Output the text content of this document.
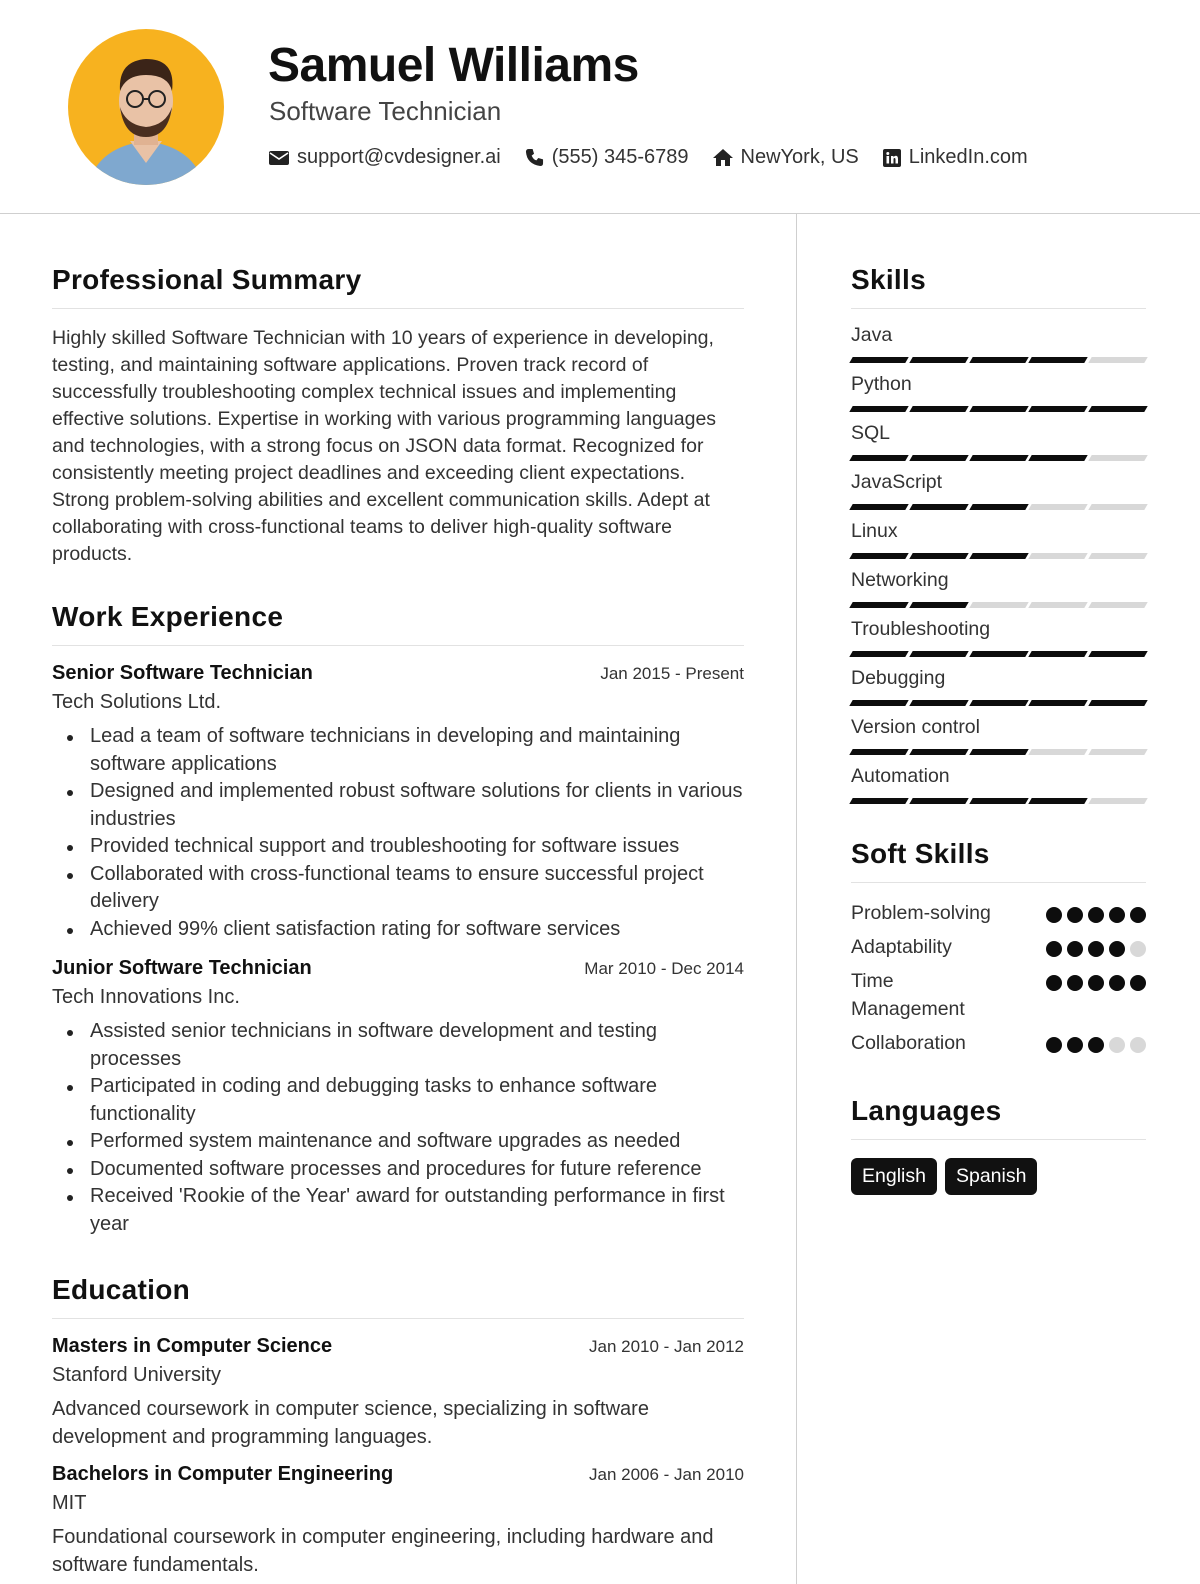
Samuel Williams
Software Technician
support@cvdesigner.ai	(555) 345-6789	NewYork, US	LinkedIn.com
Professional Summary

Highly skilled Software Technician with 10 years of experience in developing, testing, and maintaining software applications. Proven track record of successfully troubleshooting complex technical issues and implementing effective solutions. Expertise in working with various programming languages and technologies, with a strong focus on JSON data format. Recognized for consistently meeting project deadlines and exceeding client expectations. Strong problem-solving abilities and excellent communication skills. Adept at collaborating with cross-functional teams to deliver high-quality software products.

Work Experience
Senior Software Technician	Jan 2015 - Present
Tech Solutions Ltd.
Lead a team of software technicians in developing and maintaining software applications
Designed and implemented robust software solutions for clients in various industries
Provided technical support and troubleshooting for software issues
Collaborated with cross-functional teams to ensure successful project delivery
Achieved 99% client satisfaction rating for software services
Junior Software Technician	Mar 2010 - Dec 2014
Tech Innovations Inc.
Assisted senior technicians in software development and testing processes
Participated in coding and debugging tasks to enhance software functionality
Performed system maintenance and software upgrades as needed
Documented software processes and procedures for future reference
Received 'Rookie of the Year' award for outstanding performance in first year
Education
Masters in Computer Science	Jan 2010 - Jan 2012
Stanford University

Advanced coursework in computer science, specializing in software development and programming languages.

Bachelors in Computer Engineering	Jan 2006 - Jan 2010
MIT

Foundational coursework in computer engineering, including hardware and software fundamentals.

Skills
Java
Python
SQL
JavaScript
Linux
Networking
Troubleshooting
Debugging
Version control
Automation
Soft Skills
Problem-solving
Adaptability
Time Management
Collaboration
Languages
English	Spanish
